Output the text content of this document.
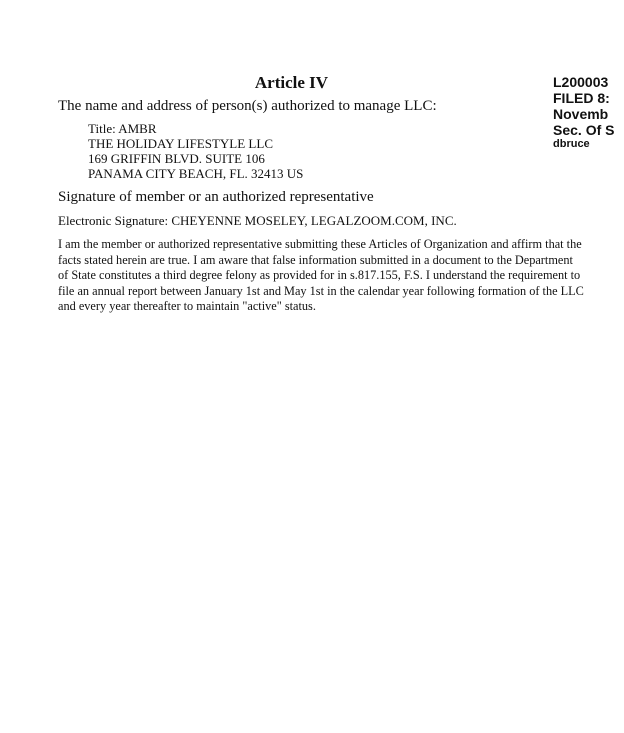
L200003
FILED 8:
Novemb
Sec. Of S
dbruce
Article IV
The name and address of person(s) authorized to manage LLC:
Title: AMBR
THE HOLIDAY LIFESTYLE LLC
169 GRIFFIN BLVD. SUITE 106
PANAMA CITY BEACH, FL. 32413 US
Signature of member or an authorized representative
Electronic Signature: CHEYENNE MOSELEY, LEGALZOOM.COM, INC.
I am the member or authorized representative submitting these Articles of Organization and affirm that the
facts stated herein are true. I am aware that false information submitted in a document to the Department
of State constitutes a third degree felony as provided for in s.817.155, F.S. I understand the requirement to
file an annual report between January 1st and May 1st in the calendar year following formation of the LLC
and every year thereafter to maintain "active" status.
